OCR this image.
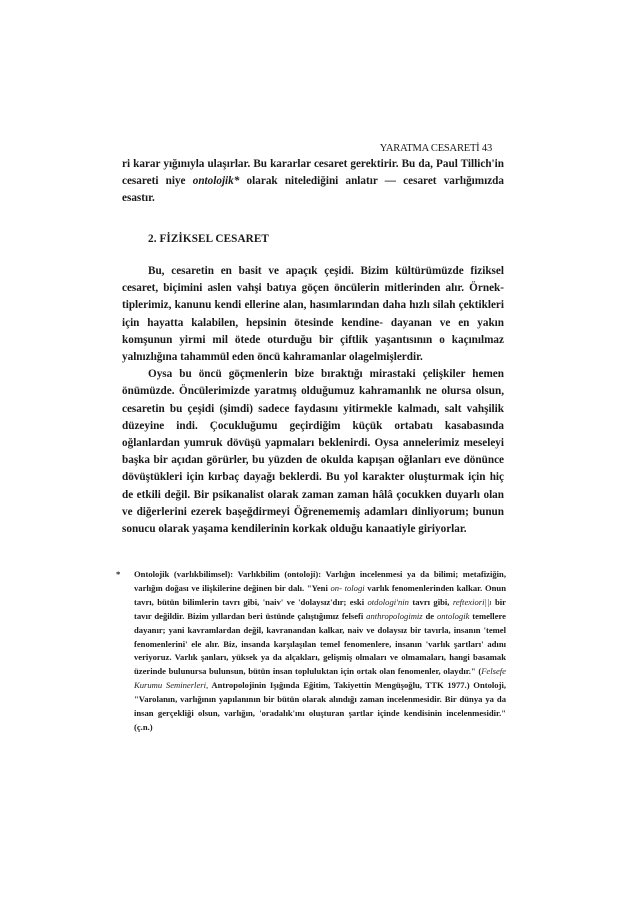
YARATMA CESARETİ 43

ri karar yığınıyla ulaşırlar. Bu kararlar cesaret gerektirir. Bu da, Paul Tillich'in cesareti niye ontolojik* olarak nitelediğini anlatır — cesaret varlığımızda esastır.

2. FİZİKSEL CESARET

Bu, cesaretin en basit ve apaçık çeşidi. Bizim kültürümüzde fiziksel cesaret, biçimini aslen vahşi batıya göçen öncülerin mitlerinden alır. Örnek-tiplerimiz, kanunu kendi ellerine alan, hasımlarından daha hızlı silah çektikleri için hayatta kalabilen, hepsinin ötesinde kendine- dayanan ve en yakın komşunun yirmi mil ötede oturduğu bir çiftlik yaşantısının o kaçınılmaz yalnızlığına tahammül eden öncü kahramanlar olagelmişlerdir.

Oysa bu öncü göçmenlerin bize bıraktığı mirastaki çelişkiler hemen önümüzde. Öncülerimizde yaratmış olduğumuz kahramanlık ne olursa olsun, cesaretin bu çeşidi (şimdi) sadece faydasını yitirmekle kalmadı, salt vahşilik düzeyine indi. Çocukluğumu geçirdiğim küçük ortabatı kasabasında oğlanlardan yumruk dövüşü yapmaları beklenirdi. Oysa annelerimiz meseleyi başka bir açıdan görürler, bu yüzden de okulda kapışan oğlanları eve dönünce dövüştükleri için kırbaç dayağı beklerdi. Bu yol karakter oluşturmak için hiç de etkili değil. Bir psikanalist olarak zaman zaman hâlâ çocukken duyarlı olan ve diğerlerini ezerek başeğdirmeyi Öğrenememiş adamları dinliyorum; bunun sonucu olarak yaşama kendilerinin korkak olduğu kanaatiyle giriyorlar.

*	Ontolojik (varlıkbilimsel): Varlıkbilim (ontoloji): Varlığın incelenmesi ya da bilimi; metafiziğin, varlığın doğası ve ilişkilerine değinen bir dalı. "Yeni on- tologi varlık fenomenlerinden kalkar. Onun tavrı, bütün bilimlerin tavrı gibi, 'naiv' ve 'dolaysız'dır; eski otdologi'nin tavrı gibi, reftexiori||ı bir tavır değildir. Bizim yıllardan beri üstünde çalıştığımız felsefi anthropologimiz de ontologik temellere dayanır; yani kavramlardan değil, kavranandan kalkar, naiv ve dolaysız bir tavırla, insanın 'temel fenomenlerini' ele alır. Biz, insanda karşılaşılan temel fenomenlere, insanın 'varlık şartları' adını veriyoruz. Varlık şanları, yüksek ya da alçakları, gelişmiş olmaları ve olmamaları, hangi basamak üzerinde bulunursa bulunsun, bütün insan topluluktan için ortak olan fenomenler, olaydır." (Felsefe Kurumu Seminerleri, Antropolojinin Işığında Eğitim, Takiyettin Mengüşoğlu, TTK 1977.) Ontoloji, "Varolanın, varlığının yapılanının bir bütün olarak alındığı zaman incelenmesidir. Bir dünya ya da insan gerçekliği olsun, varlığın, 'oradalık'ını oluşturan şartlar içinde kendisinin incelenmesidir." (ç.n.)
